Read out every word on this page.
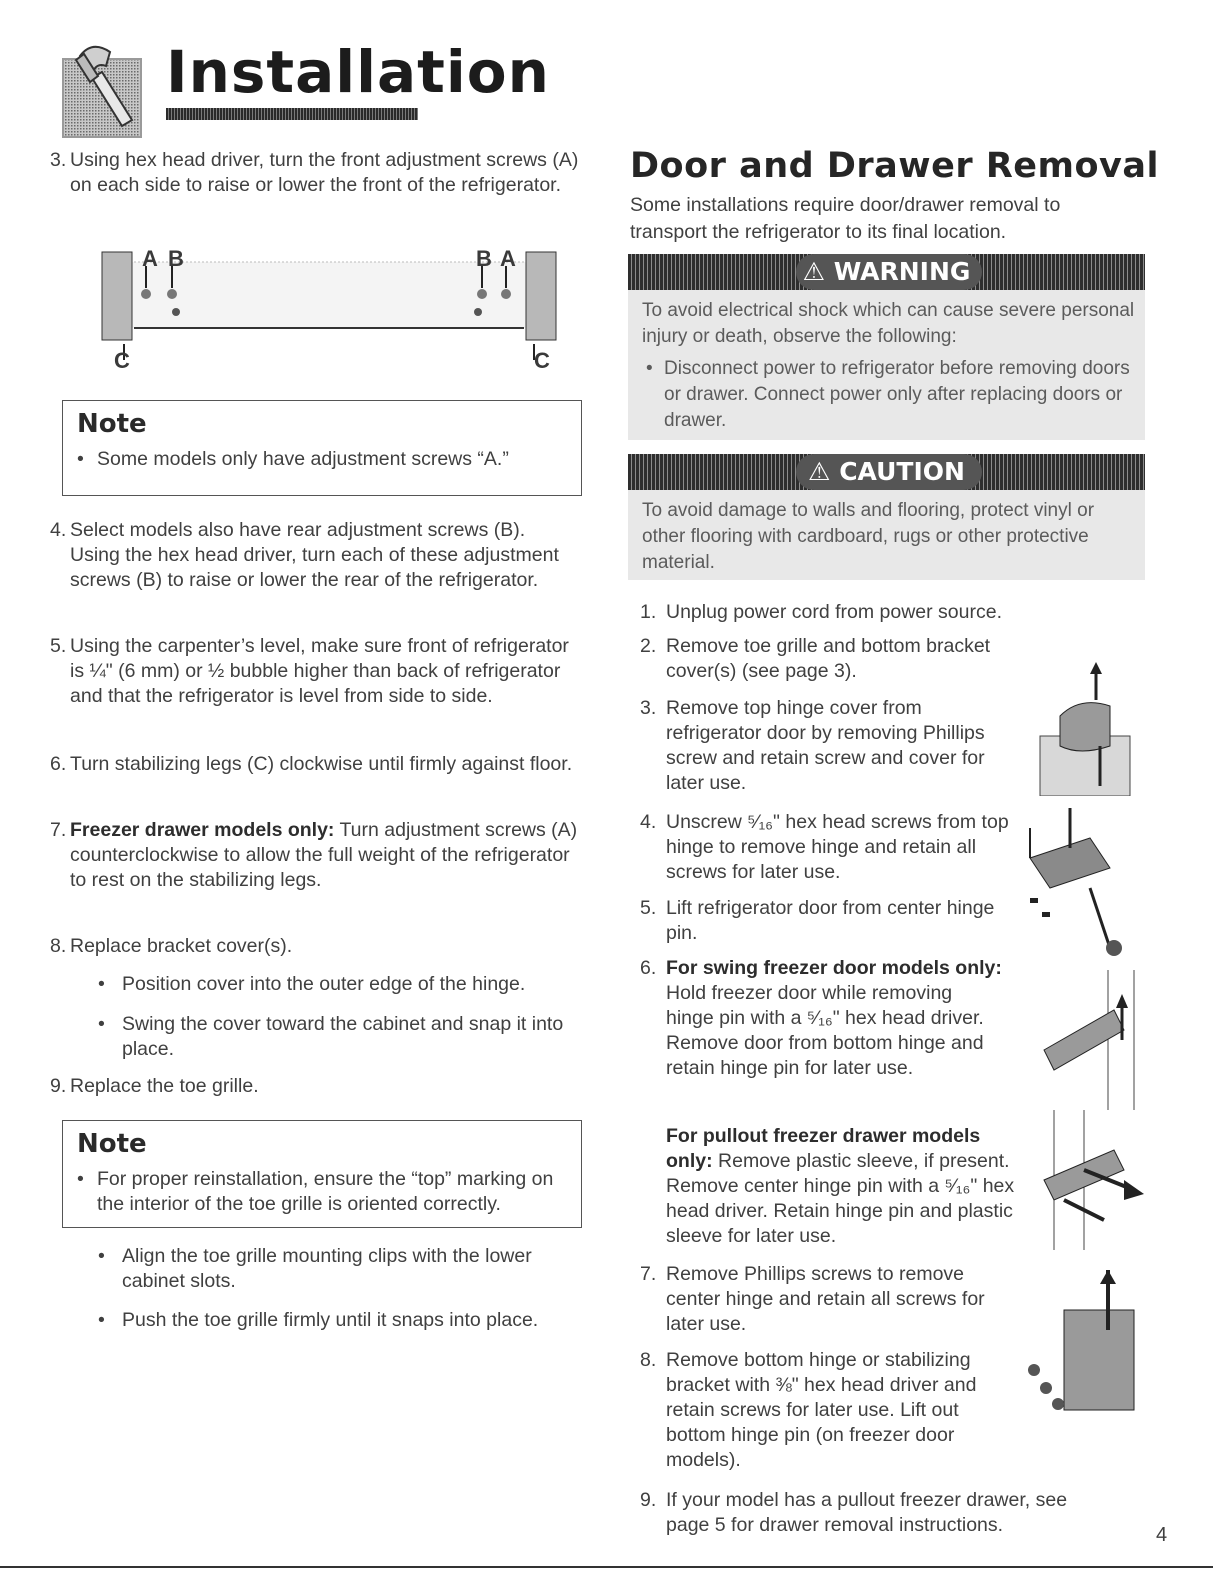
Installation
3. Using hex head driver, turn the front adjustment screws (A) on each side to raise or lower the front of the refrigerator.
A B	B A
C	C
Note
• Some models only have adjustment screws “A.”
4. Select models also have rear adjustment screws (B). Using the hex head driver, turn each of these adjustment screws (B) to raise or lower the rear of the refrigerator.
5. Using the carpenter’s level, make sure front of refrigerator is ¼" (6 mm) or ½ bubble higher than back of refrigerator and that the refrigerator is level from side to side.
6. Turn stabilizing legs (C) clockwise until firmly against floor.
7. Freezer drawer models only: Turn adjustment screws (A) counterclockwise to allow the full weight of the refrigerator to rest on the stabilizing legs.
8. Replace bracket cover(s).
• Position cover into the outer edge of the hinge.
• Swing the cover toward the cabinet and snap it into place.
9. Replace the toe grille.
Note
• For proper reinstallation, ensure the “top” marking on the interior of the toe grille is oriented correctly.
• Align the toe grille mounting clips with the lower cabinet slots.
• Push the toe grille firmly until it snaps into place.
Door and Drawer Removal
Some installations require door/drawer removal to transport the refrigerator to its final location.
⚠ WARNING
To avoid electrical shock which can cause severe personal injury or death, observe the following:
• Disconnect power to refrigerator before removing doors or drawer. Connect power only after replacing doors or drawer.
⚠ CAUTION
To avoid damage to walls and flooring, protect vinyl or other flooring with cardboard, rugs or other protective material.
1. Unplug power cord from power source.
2. Remove toe grille and bottom bracket cover(s) (see page 3).
3. Remove top hinge cover from refrigerator door by removing Phillips screw and retain screw and cover for later use.
4. Unscrew ⁵⁄₁₆" hex head screws from top hinge to remove hinge and retain all screws for later use.
5. Lift refrigerator door from center hinge pin.
6. For swing freezer door models only: Hold freezer door while removing hinge pin with a ⁵⁄₁₆" hex head driver. Remove door from bottom hinge and retain hinge pin for later use.
For pullout freezer drawer models only: Remove plastic sleeve, if present. Remove center hinge pin with a ⁵⁄₁₆" hex head driver. Retain hinge pin and plastic sleeve for later use.
7. Remove Phillips screws to remove center hinge and retain all screws for later use.
8. Remove bottom hinge or stabilizing bracket with ⅜" hex head driver and retain screws for later use. Lift out bottom hinge pin (on freezer door models).
9. If your model has a pullout freezer drawer, see page 5 for drawer removal instructions.	4
